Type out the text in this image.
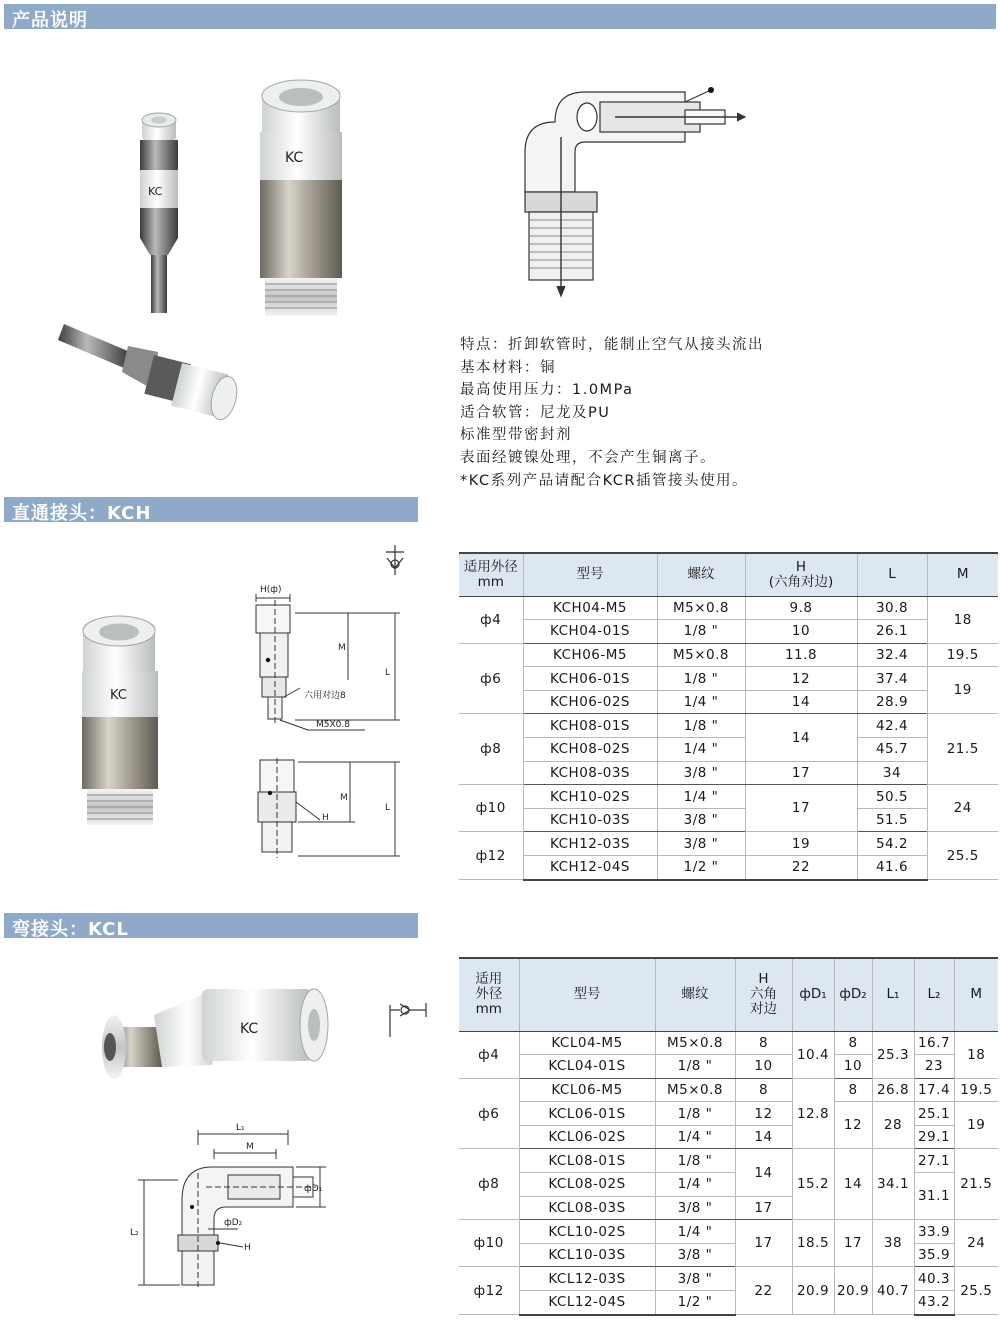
产品说明
直通接头：KCH
弯接头：KCL
KC
KC
特点：折卸软管时，能制止空气从接头流出
基本材料：铜
最高使用压力：1.0MPa
适合软管：尼龙及PU
标准型带密封剂
表面经镀镍处理，不会产生铜离子。
*KC系列产品请配合KCR插管接头使用。
KC
H(ф)
M
L
六用对边8
M5X0.8
M
L
H
适用外径
mm	型号	螺纹	H
(六角对边)	L	M
ф4	KCH04-M5	M5×0.8	9.8	30.8	18
	KCH04-01S	1/8 "	10	26.1	
ф6	KCH06-M5	M5×0.8	11.8	32.4	19.5
	KCH06-01S	1/8 "	12	37.4	19
	KCH06-02S	1/4 "	14	28.9	
ф8	KCH08-01S	1/8 "	14	42.4	21.5
	KCH08-02S	1/4 "		45.7	
	KCH08-03S	3/8 "	17	34	
ф10	KCH10-02S	1/4 "	17	50.5	24
	KCH10-03S	3/8 "		51.5	
ф12	KCH12-03S	3/8 "	19	54.2	25.5
	KCH12-04S	1/2 "	22	41.6	
KC
L₁
M
фD₁
фD₂
H
L₂
适用
外径
mm	型号	螺纹	H
六角
对边	фD₁	фD₂	L₁	L₂	M
ф4	KCL04-M5	M5×0.8	8	10.4	8	25.3	16.7	18
	KCL04-01S	1/8 "	10		10		23	
ф6	KCL06-M5	M5×0.8	8	12.8	8	26.8	17.4	19.5
	KCL06-01S	1/8 "	12		12	28	25.1	19
	KCL06-02S	1/4 "	14				29.1	
ф8	KCL08-01S	1/8 "	14	15.2	14	34.1	27.1	21.5
	KCL08-02S	1/4 "					31.1	
	KCL08-03S	3/8 "	17					
ф10	KCL10-02S	1/4 "	17	18.5	17	38	33.9	24
	KCL10-03S	3/8 "					35.9	
ф12	KCL12-03S	3/8 "	22	20.9	20.9	40.7	40.3	25.5
	KCL12-04S	1/2 "					43.2	
